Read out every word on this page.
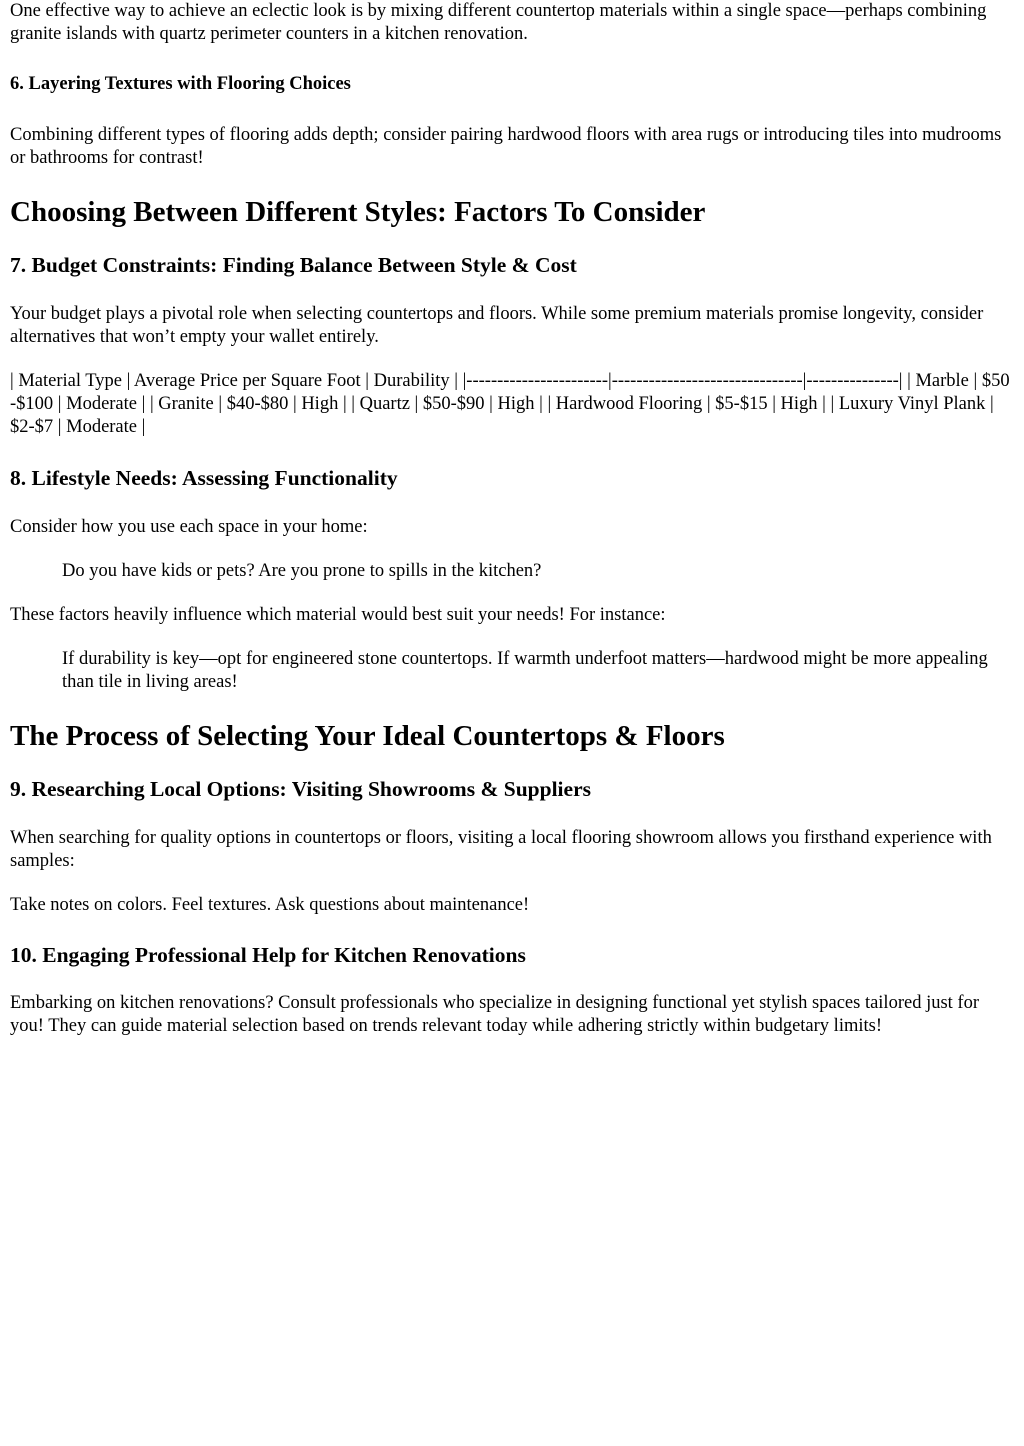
One effective way to achieve an eclectic look is by mixing different countertop materials within a single space—perhaps combining granite islands with quartz perimeter counters in a kitchen renovation.

6. Layering Textures with Flooring Choices

Combining different types of flooring adds depth; consider pairing hardwood floors with area rugs or introducing tiles into mudrooms or bathrooms for contrast!

Choosing Between Different Styles: Factors To Consider
7. Budget Constraints: Finding Balance Between Style & Cost

Your budget plays a pivotal role when selecting countertops and floors. While some premium materials promise longevity, consider alternatives that won’t empty your wallet entirely.

| Material Type | Average Price per Square Foot | Durability | |-----------------------|-------------------------------|---------------| | Marble | $50-$100 | Moderate | | Granite | $40-$80 | High | | Quartz | $50-$90 | High | | Hardwood Flooring | $5-$15 | High | | Luxury Vinyl Plank | $2-$7 | Moderate |

8. Lifestyle Needs: Assessing Functionality

Consider how you use each space in your home:

Do you have kids or pets? Are you prone to spills in the kitchen?

These factors heavily influence which material would best suit your needs! For instance:

If durability is key—opt for engineered stone countertops. If warmth underfoot matters—hardwood might be more appealing than tile in living areas!

The Process of Selecting Your Ideal Countertops & Floors
9. Researching Local Options: Visiting Showrooms & Suppliers

When searching for quality options in countertops or floors, visiting a local flooring showroom allows you firsthand experience with samples:

Take notes on colors. Feel textures. Ask questions about maintenance!

10. Engaging Professional Help for Kitchen Renovations

Embarking on kitchen renovations? Consult professionals who specialize in designing functional yet stylish spaces tailored just for you! They can guide material selection based on trends relevant today while adhering strictly within budgetary limits!
